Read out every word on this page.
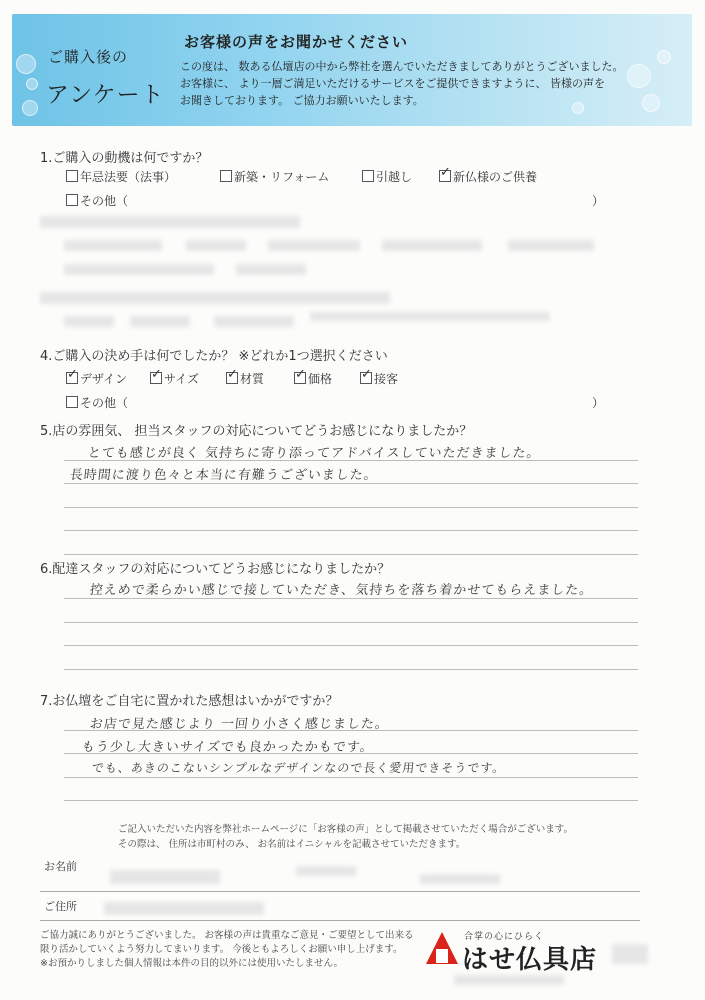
ご購入後の
アンケート
お客様の声をお聞かせください
この度は、 数ある仏壇店の中から弊社を選んでいただきましてありがとうございました。
お客様に、 より一層ご満足いただけるサービスをご提供できますように、 皆様の声を
お聞きしております。 ご協力お願いいたします。
1.ご購入の動機は何ですか？
年忌法要（法事）	新築・リフォーム	引越し ✓ 新仏様のご供養
その他（	）
4.ご購入の決め手は何でしたか？ ※どれか1つ選択ください
✓ デザイン ✓ サイズ ✓ 材質 ✓ 価格 ✓ 接客
その他（	）
5.店の雰囲気、 担当スタッフの対応についてどうお感じになりましたか？
とても感じが良く 気持ちに寄り添ってアドバイスしていただきました。
長時間に渡り色々と本当に有難うございました。
6.配達スタッフの対応についてどうお感じになりましたか？
控えめで柔らかい感じで接していただき、気持ちを落ち着かせてもらえました。
7.お仏壇をご自宅に置かれた感想はいかがですか？
お店で見た感じより 一回り小さく感じました。
もう少し大きいサイズでも良かったかもです。
でも、あきのこないシンプルなデザインなので長く愛用できそうです。
ご記入いただいた内容を弊社ホームページに「お客様の声」として掲載させていただく場合がございます。
その際は、 住所は市町村のみ、 お名前はイニシャルを記載させていただきます。
お名前
ご住所
ご協力誠にありがとうございました。 お客様の声は貴重なご意見・ご要望として出来る
限り活かしていくよう努力してまいります。 今後ともよろしくお願い申し上げます。
※お預かりしました個人情報は本件の目的以外には使用いたしません。
合掌の心にひらく
はせ仏具店
